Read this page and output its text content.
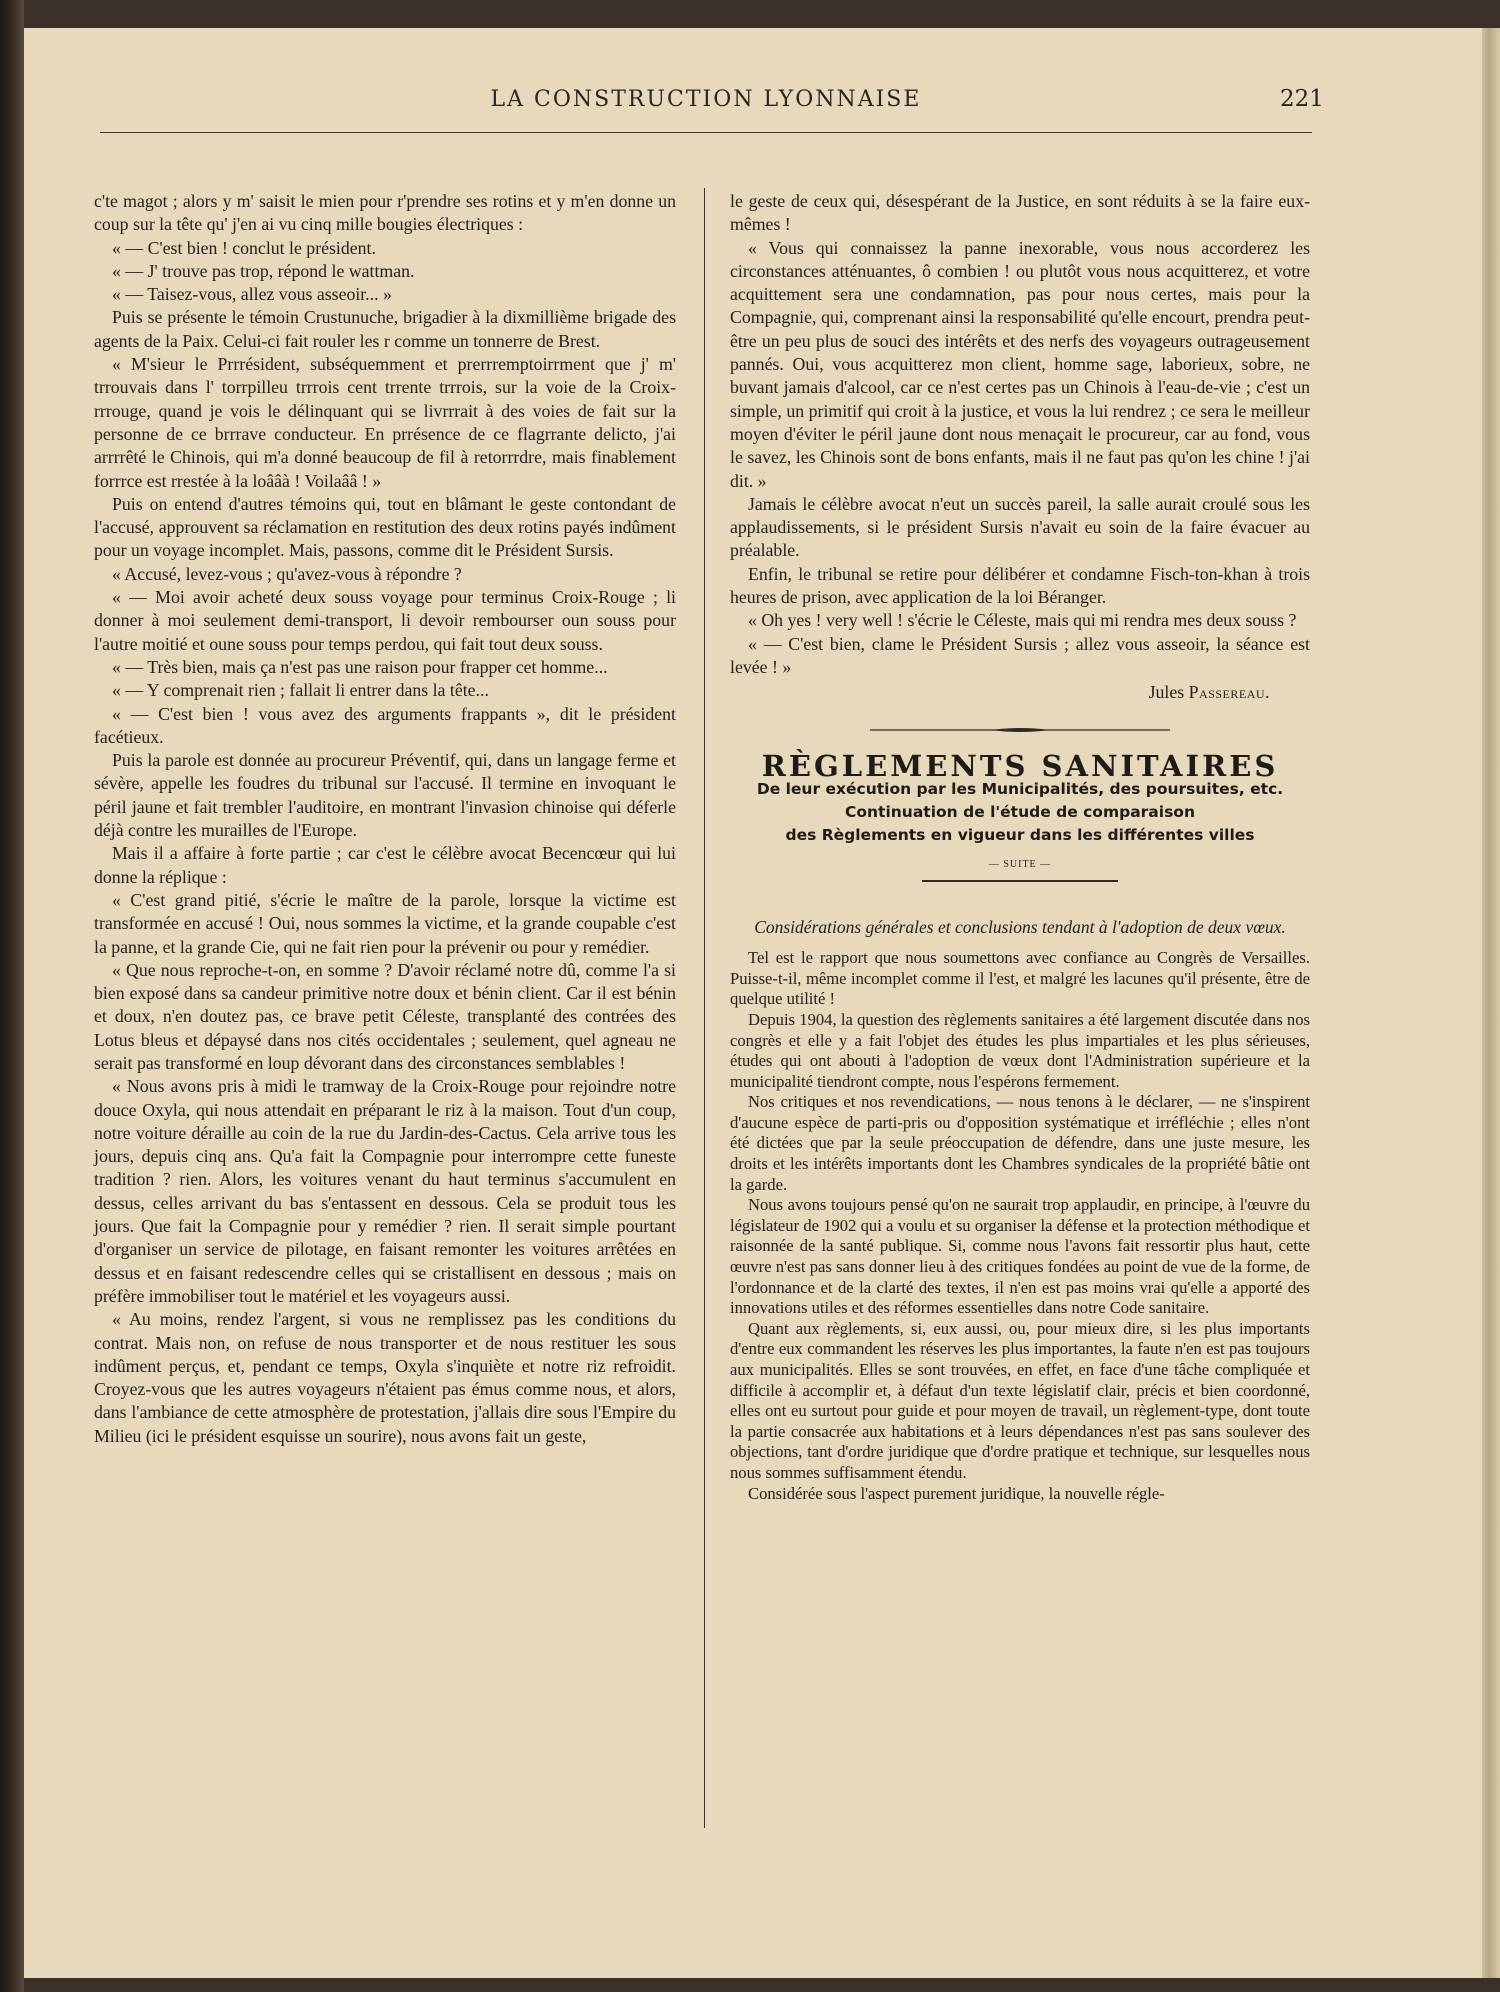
LA CONSTRUCTION LYONNAISE	221

c'te magot ; alors y m' saisit le mien pour r'prendre ses rotins et y m'en donne un coup sur la tête qu' j'en ai vu cinq mille bougies électriques :

« — C'est bien ! conclut le président.

« — J' trouve pas trop, répond le wattman.

« — Taisez-vous, allez vous asseoir... »

Puis se présente le témoin Crustunuche, brigadier à la dixmillième brigade des agents de la Paix. Celui-ci fait rouler les r comme un tonnerre de Brest.

« M'sieur le Prrrésident, subséquemment et prerrremptoirrment que j' m' trrouvais dans l' torrpilleu trrrois cent trrente trrrois, sur la voie de la Croix-rrrouge, quand je vois le délinquant qui se livrrrait à des voies de fait sur la personne de ce brrrave conducteur. En prrésence de ce flagrrante delicto, j'ai arrrrêté le Chinois, qui m'a donné beaucoup de fil à retorrrdre, mais finablement forrrce est rrestée à la loââà ! Voilaââ ! »

Puis on entend d'autres témoins qui, tout en blâmant le geste contondant de l'accusé, approuvent sa réclamation en restitution des deux rotins payés indûment pour un voyage incomplet. Mais, passons, comme dit le Président Sursis.

« Accusé, levez-vous ; qu'avez-vous à répondre ?

« — Moi avoir acheté deux souss voyage pour terminus Croix-Rouge ; li donner à moi seulement demi-transport, li devoir rembourser oun souss pour l'autre moitié et oune souss pour temps perdou, qui fait tout deux souss.

« — Très bien, mais ça n'est pas une raison pour frapper cet homme...

« — Y comprenait rien ; fallait li entrer dans la tête...

« — C'est bien ! vous avez des arguments frappants », dit le président facétieux.

Puis la parole est donnée au procureur Préventif, qui, dans un langage ferme et sévère, appelle les foudres du tribunal sur l'accusé. Il termine en invoquant le péril jaune et fait trembler l'auditoire, en montrant l'invasion chinoise qui déferle déjà contre les murailles de l'Europe.

Mais il a affaire à forte partie ; car c'est le célèbre avocat Becencœur qui lui donne la réplique :

« C'est grand pitié, s'écrie le maître de la parole, lorsque la victime est transformée en accusé ! Oui, nous sommes la victime, et la grande coupable c'est la panne, et la grande Cie, qui ne fait rien pour la prévenir ou pour y remédier.

« Que nous reproche-t-on, en somme ? D'avoir réclamé notre dû, comme l'a si bien exposé dans sa candeur primitive notre doux et bénin client. Car il est bénin et doux, n'en doutez pas, ce brave petit Céleste, transplanté des contrées des Lotus bleus et dépaysé dans nos cités occidentales ; seulement, quel agneau ne serait pas transformé en loup dévorant dans des circonstances semblables !

« Nous avons pris à midi le tramway de la Croix-Rouge pour rejoindre notre douce Oxyla, qui nous attendait en préparant le riz à la maison. Tout d'un coup, notre voiture déraille au coin de la rue du Jardin-des-Cactus. Cela arrive tous les jours, depuis cinq ans. Qu'a fait la Compagnie pour interrompre cette funeste tradition ? rien. Alors, les voitures venant du haut terminus s'accumulent en dessus, celles arrivant du bas s'entassent en dessous. Cela se produit tous les jours. Que fait la Compagnie pour y remédier ? rien. Il serait simple pourtant d'organiser un service de pilotage, en faisant remonter les voitures arrêtées en dessus et en faisant redescendre celles qui se cristallisent en dessous ; mais on préfère immobiliser tout le matériel et les voyageurs aussi.

« Au moins, rendez l'argent, si vous ne remplissez pas les conditions du contrat. Mais non, on refuse de nous transporter et de nous restituer les sous indûment perçus, et, pendant ce temps, Oxyla s'inquiète et notre riz refroidit. Croyez-vous que les autres voyageurs n'étaient pas émus comme nous, et alors, dans l'ambiance de cette atmosphère de protestation, j'allais dire sous l'Empire du Milieu (ici le président esquisse un sourire), nous avons fait un geste,

le geste de ceux qui, désespérant de la Justice, en sont réduits à se la faire eux-mêmes !

« Vous qui connaissez la panne inexorable, vous nous accorderez les circonstances atténuantes, ô combien ! ou plutôt vous nous acquitterez, et votre acquittement sera une condamnation, pas pour nous certes, mais pour la Compagnie, qui, comprenant ainsi la responsabilité qu'elle encourt, prendra peut-être un peu plus de souci des intérêts et des nerfs des voyageurs outrageusement pannés. Oui, vous acquitterez mon client, homme sage, laborieux, sobre, ne buvant jamais d'alcool, car ce n'est certes pas un Chinois à l'eau-de-vie ; c'est un simple, un primitif qui croit à la justice, et vous la lui rendrez ; ce sera le meilleur moyen d'éviter le péril jaune dont nous menaçait le procureur, car au fond, vous le savez, les Chinois sont de bons enfants, mais il ne faut pas qu'on les chine ! j'ai dit. »

Jamais le célèbre avocat n'eut un succès pareil, la salle aurait croulé sous les applaudissements, si le président Sursis n'avait eu soin de la faire évacuer au préalable.

Enfin, le tribunal se retire pour délibérer et condamne Fisch-ton-khan à trois heures de prison, avec application de la loi Béranger.

« Oh yes ! very well ! s'écrie le Céleste, mais qui mi rendra mes deux souss ?

« — C'est bien, clame le Président Sursis ; allez vous asseoir, la séance est levée ! »

Jules Passereau.

RÈGLEMENTS SANITAIRES

De leur exécution par les Municipalités, des poursuites, etc.

Continuation de l'étude de comparaison

des Règlements en vigueur dans les différentes villes

— SUITE —

Considérations générales et conclusions tendant à l'adoption de deux vœux.

Tel est le rapport que nous soumettons avec confiance au Congrès de Versailles. Puisse-t-il, même incomplet comme il l'est, et malgré les lacunes qu'il présente, être de quelque utilité !

Depuis 1904, la question des règlements sanitaires a été largement discutée dans nos congrès et elle y a fait l'objet des études les plus impartiales et les plus sérieuses, études qui ont abouti à l'adoption de vœux dont l'Administration supérieure et la municipalité tiendront compte, nous l'espérons fermement.

Nos critiques et nos revendications, — nous tenons à le déclarer, — ne s'inspirent d'aucune espèce de parti-pris ou d'opposition systématique et irréfléchie ; elles n'ont été dictées que par la seule préoccupation de défendre, dans une juste mesure, les droits et les intérêts importants dont les Chambres syndicales de la propriété bâtie ont la garde.

Nous avons toujours pensé qu'on ne saurait trop applaudir, en principe, à l'œuvre du législateur de 1902 qui a voulu et su organiser la défense et la protection méthodique et raisonnée de la santé publique. Si, comme nous l'avons fait ressortir plus haut, cette œuvre n'est pas sans donner lieu à des critiques fondées au point de vue de la forme, de l'ordonnance et de la clarté des textes, il n'en est pas moins vrai qu'elle a apporté des innovations utiles et des réformes essentielles dans notre Code sanitaire.

Quant aux règlements, si, eux aussi, ou, pour mieux dire, si les plus importants d'entre eux commandent les réserves les plus importantes, la faute n'en est pas toujours aux municipalités. Elles se sont trouvées, en effet, en face d'une tâche compliquée et difficile à accomplir et, à défaut d'un texte législatif clair, précis et bien coordonné, elles ont eu surtout pour guide et pour moyen de travail, un règlement-type, dont toute la partie consacrée aux habitations et à leurs dépendances n'est pas sans soulever des objections, tant d'ordre juridique que d'ordre pratique et technique, sur lesquelles nous nous sommes suffisamment étendu.

Considérée sous l'aspect purement juridique, la nouvelle régle-
